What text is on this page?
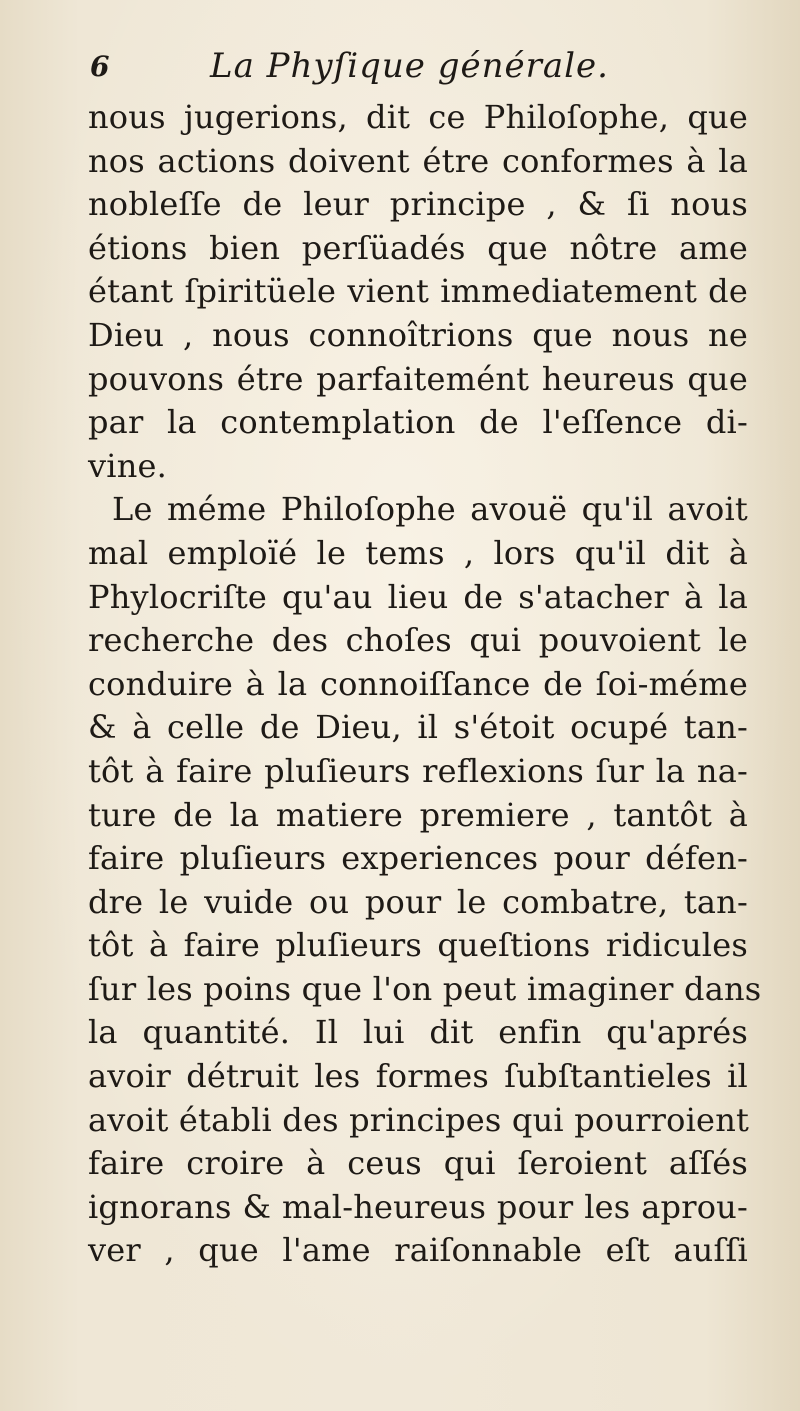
6	La Phyſique générale.
nous jugerions, dit ce Philoſophe, que
nos actions doivent étre conformes à la
nobleſſe de leur principe , & ſi nous
étions bien perſüadés que nôtre ame
étant ſpiritüele vient immediatement de
Dieu , nous connoîtrions que nous ne
pouvons étre parfaitemént heureus que
par la contemplation de l'eſſence di-
vine.
Le méme Philoſophe avouë qu'il avoit
mal emploïé le tems , lors qu'il dit à
Phylocriſte qu'au lieu de s'atacher à la
recherche des choſes qui pouvoient le
conduire à la connoiſſance de ſoi-méme
& à celle de Dieu, il s'étoit ocupé tan-
tôt à faire pluſieurs reflexions ſur la na-
ture de la matiere premiere , tantôt à
faire pluſieurs experiences pour défen-
dre le vuide ou pour le combatre, tan-
tôt à faire pluſieurs queſtions ridicules
ſur les poins que l'on peut imaginer dans
la quantité. Il lui dit enfin qu'aprés
avoir détruit les formes ſubſtantieles il
avoit établi des principes qui pourroient
faire croire à ceus qui ſeroient aſſés
ignorans & mal-heureus pour les aprou-
ver , que l'ame raiſonnable eſt auſſi
